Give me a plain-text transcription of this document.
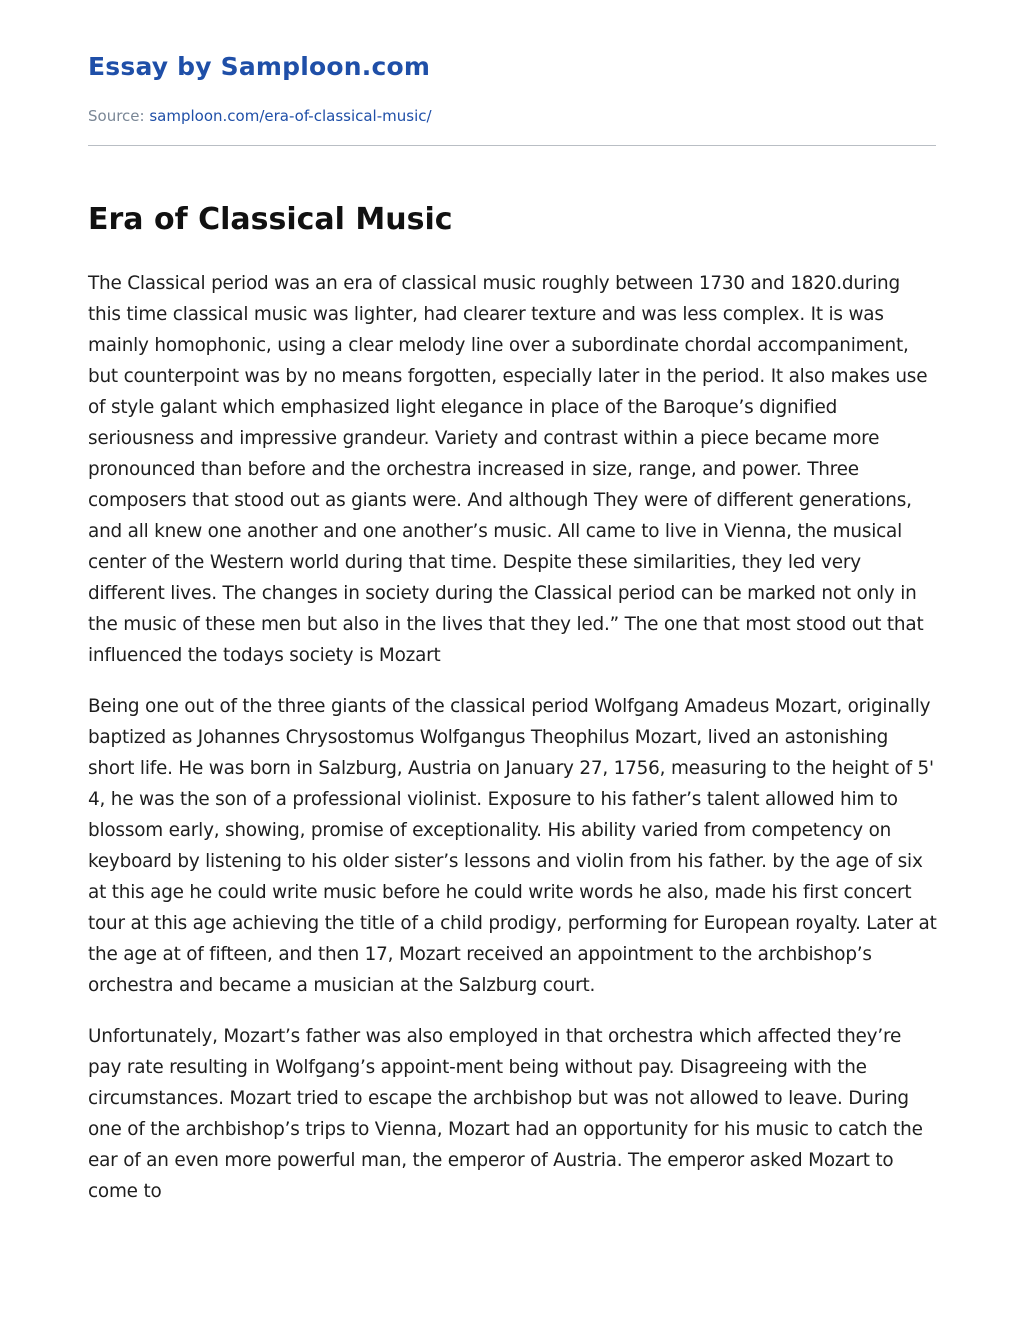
Essay by Samploon.com
Source: samploon.com/era-of-classical-music/
Era of Classical Music

The Classical period was an era of classical music roughly between 1730 and 1820.during this time classical music was lighter, had clearer texture and was less complex. It is was mainly homophonic, using a clear melody line over a subordinate chordal accompaniment, but counterpoint was by no means forgotten, especially later in the period. It also makes use of style galant which emphasized light elegance in place of the Baroque’s dignified seriousness and impressive grandeur. Variety and contrast within a piece became more pronounced than before and the orchestra increased in size, range, and power. Three composers that stood out as giants were. And although They were of different generations, and all knew one another and one another’s music. All came to live in Vienna, the musical center of the Western world during that time. Despite these similarities, they led very different lives. The changes in society during the Classical period can be marked not only in the music of these men but also in the lives that they led.” The one that most stood out that influenced the todays society is Mozart

Being one out of the three giants of the classical period Wolfgang Amadeus Mozart, originally baptized as Johannes Chrysostomus Wolfgangus Theophilus Mozart, lived an astonishing short life. He was born in Salzburg, Austria on January 27, 1756, measuring to the height of 5' 4, he was the son of a professional violinist. Exposure to his father’s talent allowed him to blossom early, showing, promise of exceptionality. His ability varied from competency on keyboard by listening to his older sister’s lessons and violin from his father. by the age of six at this age he could write music before he could write words he also, made his first concert tour at this age achieving the title of a child prodigy, performing for European royalty. Later at the age at of fifteen, and then 17, Mozart received an appointment to the archbishop’s orchestra and became a musician at the Salzburg court.

Unfortunately, Mozart’s father was also employed in that orchestra which affected they’re pay rate resulting in Wolfgang’s appoint-ment being without pay. Disagreeing with the circumstances. Mozart tried to escape the archbishop but was not allowed to leave. During one of the archbishop’s trips to Vienna, Mozart had an opportunity for his music to catch the ear of an even more powerful man, the emperor of Austria. The emperor asked Mozart to come to
